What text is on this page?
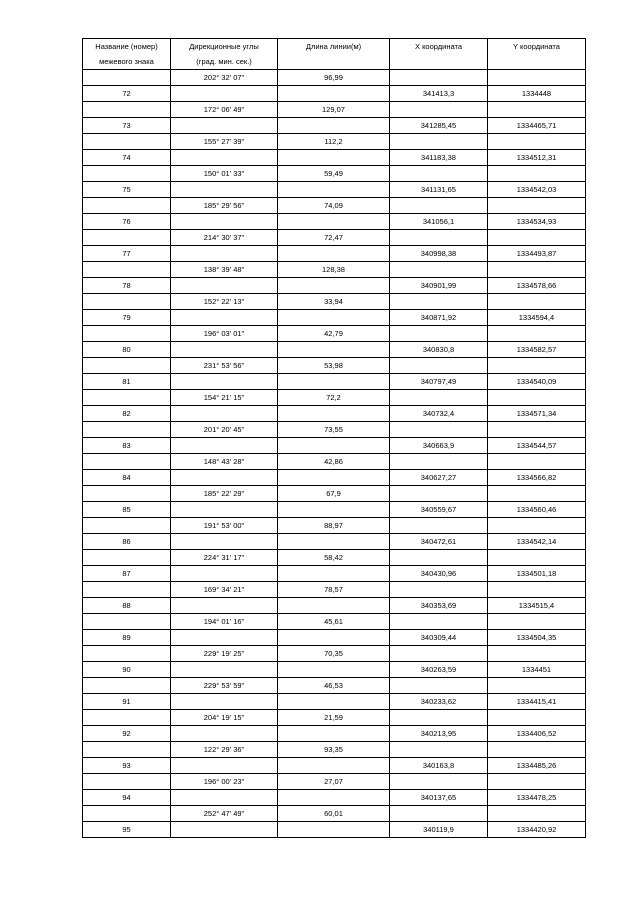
Название (номер)	Дирекционные углы	Длина линии(м)	X координата	Y координата
межевого знака	(град. мин. сек.)			
	202° 32' 07"	96,99		
72			341413,3	1334448
	172° 06' 49"	129,07		
73			341285,45	1334465,71
	155° 27' 39"	112,2		
74			341183,38	1334512,31
	150° 01' 33"	59,49		
75			341131,65	1334542,03
	185° 29' 56"	74,09		
76			341056,1	1334534,93
	214° 30' 37"	72,47		
77			340998,38	1334493,87
	138° 39' 48"	128,38		
78			340901,99	1334578,66
	152° 22' 13"	33,94		
79			340871,92	1334594,4
	196° 03' 01"	42,79		
80			340830,8	1334582,57
	231° 53' 56"	53,98		
81			340797,49	1334540,09
	154° 21' 15"	72,2		
82			340732,4	1334571,34
	201° 20' 45"	73,55		
83			340663,9	1334544,57
	148° 43' 28"	42,86		
84			340627,27	1334566,82
	185° 22' 29"	67,9		
85			340559,67	1334560,46
	191° 53' 00"	88,97		
86			340472,61	1334542,14
	224° 31' 17"	58,42		
87			340430,96	1334501,18
	169° 34' 21"	78,57		
88			340353,69	1334515,4
	194° 01' 16"	45,61		
89			340309,44	1334504,35
	229° 19' 25"	70,35		
90			340263,59	1334451
	229° 53' 59"	46,53		
91			340233,62	1334415,41
	204° 19' 15"	21,59		
92			340213,95	1334406,52
	122° 29' 36"	93,35		
93			340163,8	1334485,26
	196° 00' 23"	27,07		
94			340137,65	1334478,25
	252° 47' 49"	60,01		
95			340119,9	1334420,92
